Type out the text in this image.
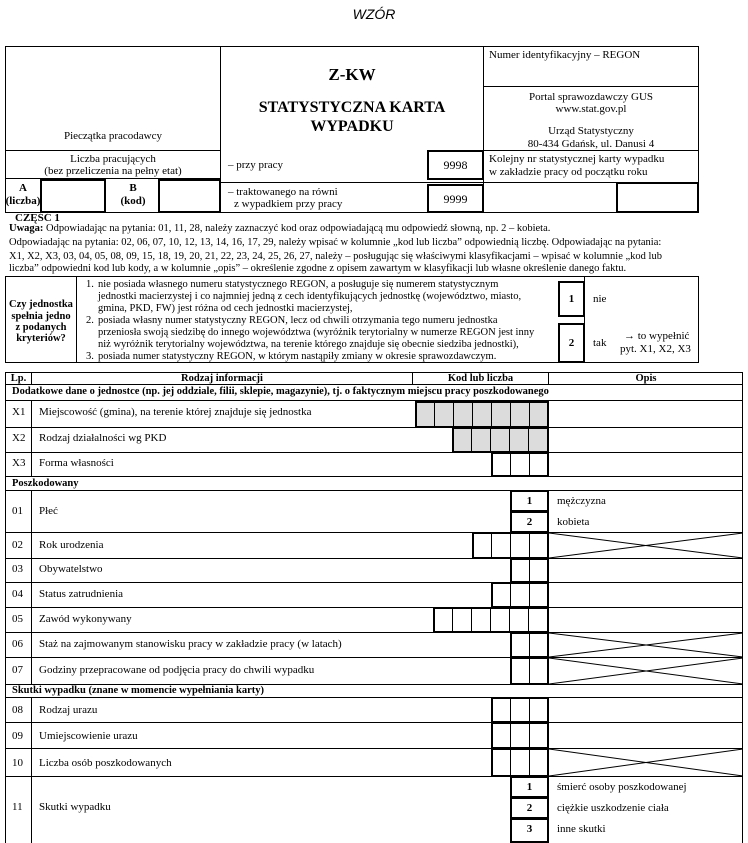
WZÓR
Pieczątka pracodawcy
Z-KW
STATYSTYCZNA KARTA
WYPADKU
Numer identyfikacyjny – REGON
Portal sprawozdawczy GUS
www.stat.gov.pl
Urząd Statystyczny
80-434 Gdańsk, ul. Danusi 4
Liczba pracujących
(bez przeliczenia na pełny etat)
A
(liczba)
B
(kod)
– przy pracy	9998
– traktowanego na równi
z wypadkiem przy pracy	9999
Kolejny nr statystycznej karty wypadku
w zakładzie pracy od początku roku
CZĘŚĆ 1
Uwaga: Odpowiadając na pytania: 01, 11, 28, należy zaznaczyć kod oraz odpowiadającą mu odpowiedź słowną, np. 2 – kobieta.
Odpowiadając na pytania: 02, 06, 07, 10, 12, 13, 14, 16, 17, 29, należy wpisać w kolumnie „kod lub liczba” odpowiednią liczbę. Odpowiadając na pytania:
X1, X2, X3, 03, 04, 05, 08, 09, 15, 18, 19, 20, 21, 22, 23, 24, 25, 26, 27, należy – posługując się właściwymi klasyfikacjami – wpisać w kolumnie „kod lub
liczba” odpowiedni kod lub kody, a w kolumnie „opis” – określenie zgodne z opisem zawartym w klasyfikacji lub własne określenie danego faktu.
Czy jednostka
spełnia jedno
z podanych
kryteriów?
1. nie posiada własnego numeru statystycznego REGON, a posługuje się numerem statystycznym
jednostki macierzystej i co najmniej jedną z cech identyfikujących jednostkę (województwo, miasto,
gmina, PKD, FW) jest różna od cech jednostki macierzystej,
2. posiada własny numer statystyczny REGON, lecz od chwili otrzymania tego numeru jednostka
przeniosła swoją siedzibę do innego województwa (wyróżnik terytorialny w numerze REGON jest inny
niż wyróżnik terytorialny województwa, na terenie którego znajduje się obecnie siedziba jednostki),
3. posiada numer statystyczny REGON, w którym nastąpiły zmiany w okresie sprawozdawczym.
1	nie
2	tak
→ to wypełnić
pyt. X1, X2, X3
Lp.	Rodzaj informacji	Kod lub liczba	Opis
Dodatkowe dane o jednostce (np. jej oddziale, filii, sklepie, magazynie), tj. o faktycznym miejscu pracy poszkodowanego
Poszkodowany
Skutki wypadku (znane w momencie wypełniania karty)
X1 Miejscowość (gmina), na terenie której znajduje się jednostka
X2 Rodzaj działalności wg PKD
X3 Forma własności
01 Płeć
1	mężczyzna
2	kobieta
02 Rok urodzenia
03 Obywatelstwo
04 Status zatrudnienia
05 Zawód wykonywany
06 Staż na zajmowanym stanowisku pracy w zakładzie pracy (w latach)
07 Godziny przepracowane od podjęcia pracy do chwili wypadku
08 Rodzaj urazu
09 Umiejscowienie urazu
10 Liczba osób poszkodowanych
11 Skutki wypadku
1	śmierć osoby poszkodowanej
2	ciężkie uszkodzenie ciała
3	inne skutki
